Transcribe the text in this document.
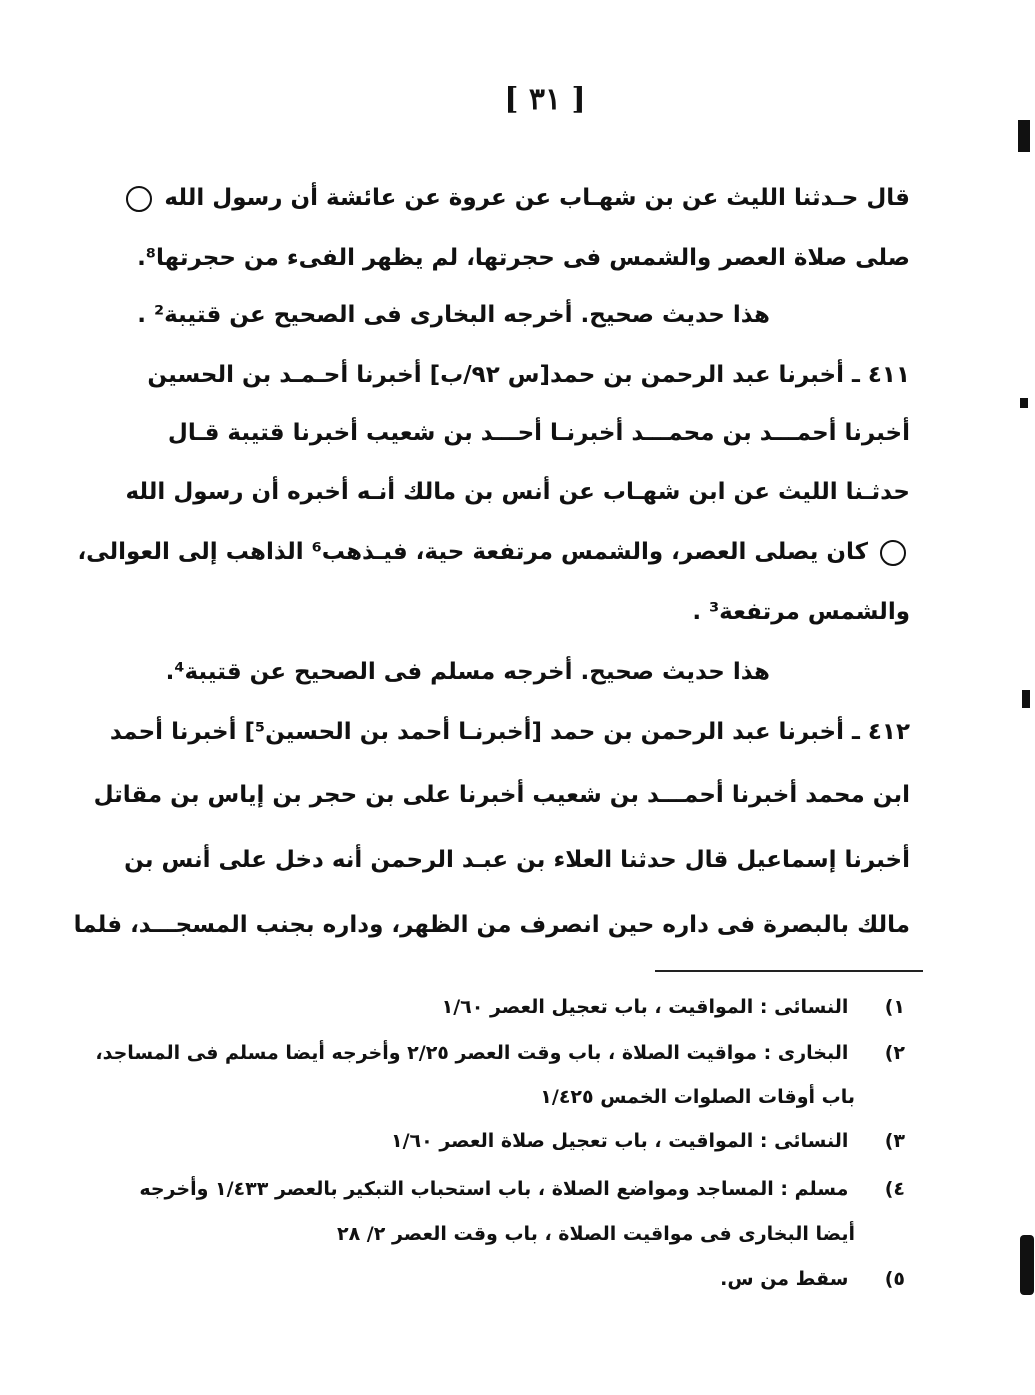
[ ٣١ ]
قال حـدثنا الليث عن بن شهـاب عن عروة عن عائشة أن رسول الله
صلى صلاة العصر والشمس فى حجرتها، لم يظهر الفىء من حجرتها⁸.
هذا حديث صحيح. أخرجه البخارى فى الصحيح عن قتيبة² .
٤١١ ـ أخبرنا عبد الرحمن بن حمد[س ٩٢/ب] أخبرنا أحـمـد بن الحسين
أخبرنا أحمـــد بن محمـــد أخبرنـا أحـــد بن شعيب أخبرنا قتيبة قـال
حدثـنا الليث عن ابن شهـاب عن أنس بن مالك أنـه أخبره أن رسول الله
كان يصلى العصر، والشمس مرتفعة حية، فيـذهب⁶ الذاهب إلى العوالى،
والشمس مرتفعة³ .
هذا حديث صحيح. أخرجه مسلم فى الصحيح عن قتيبة⁴.
٤١٢ ـ أخبرنا عبد الرحمن بن حمد [أخبرنـا أحمد بن الحسين⁵] أخبرنا أحمد
ابن محمد أخبرنا أحمـــد بن شعيب أخبرنا على بن حجر بن إياس بن مقاتل
أخبرنا إسماعيل قال حدثنا العلاء بن عبـد الرحمن أنه دخل على أنس بن
مالك بالبصرة فى داره حين انصرف من الظهر، وداره بجنب المسجـــد، فلما
١) النسائى : المواقيت ، باب تعجيل العصر ١/٦٠
٢) البخارى : مواقيت الصلاة ، باب وقت العصر ٢/٢٥ وأخرجه أيضا مسلم فى المساجد،
باب أوقات الصلوات الخمس ١/٤٢٥
٣) النسائى : المواقيت ، باب تعجيل صلاة العصر ١/٦٠
٤) مسلم : المساجد ومواضع الصلاة ، باب استحباب التبكير بالعصر ١/٤٣٣ وأخرجه
أيضا البخارى فى مواقيت الصلاة ، باب وقت العصر ٢/ ٢٨
٥) سقط من س.
